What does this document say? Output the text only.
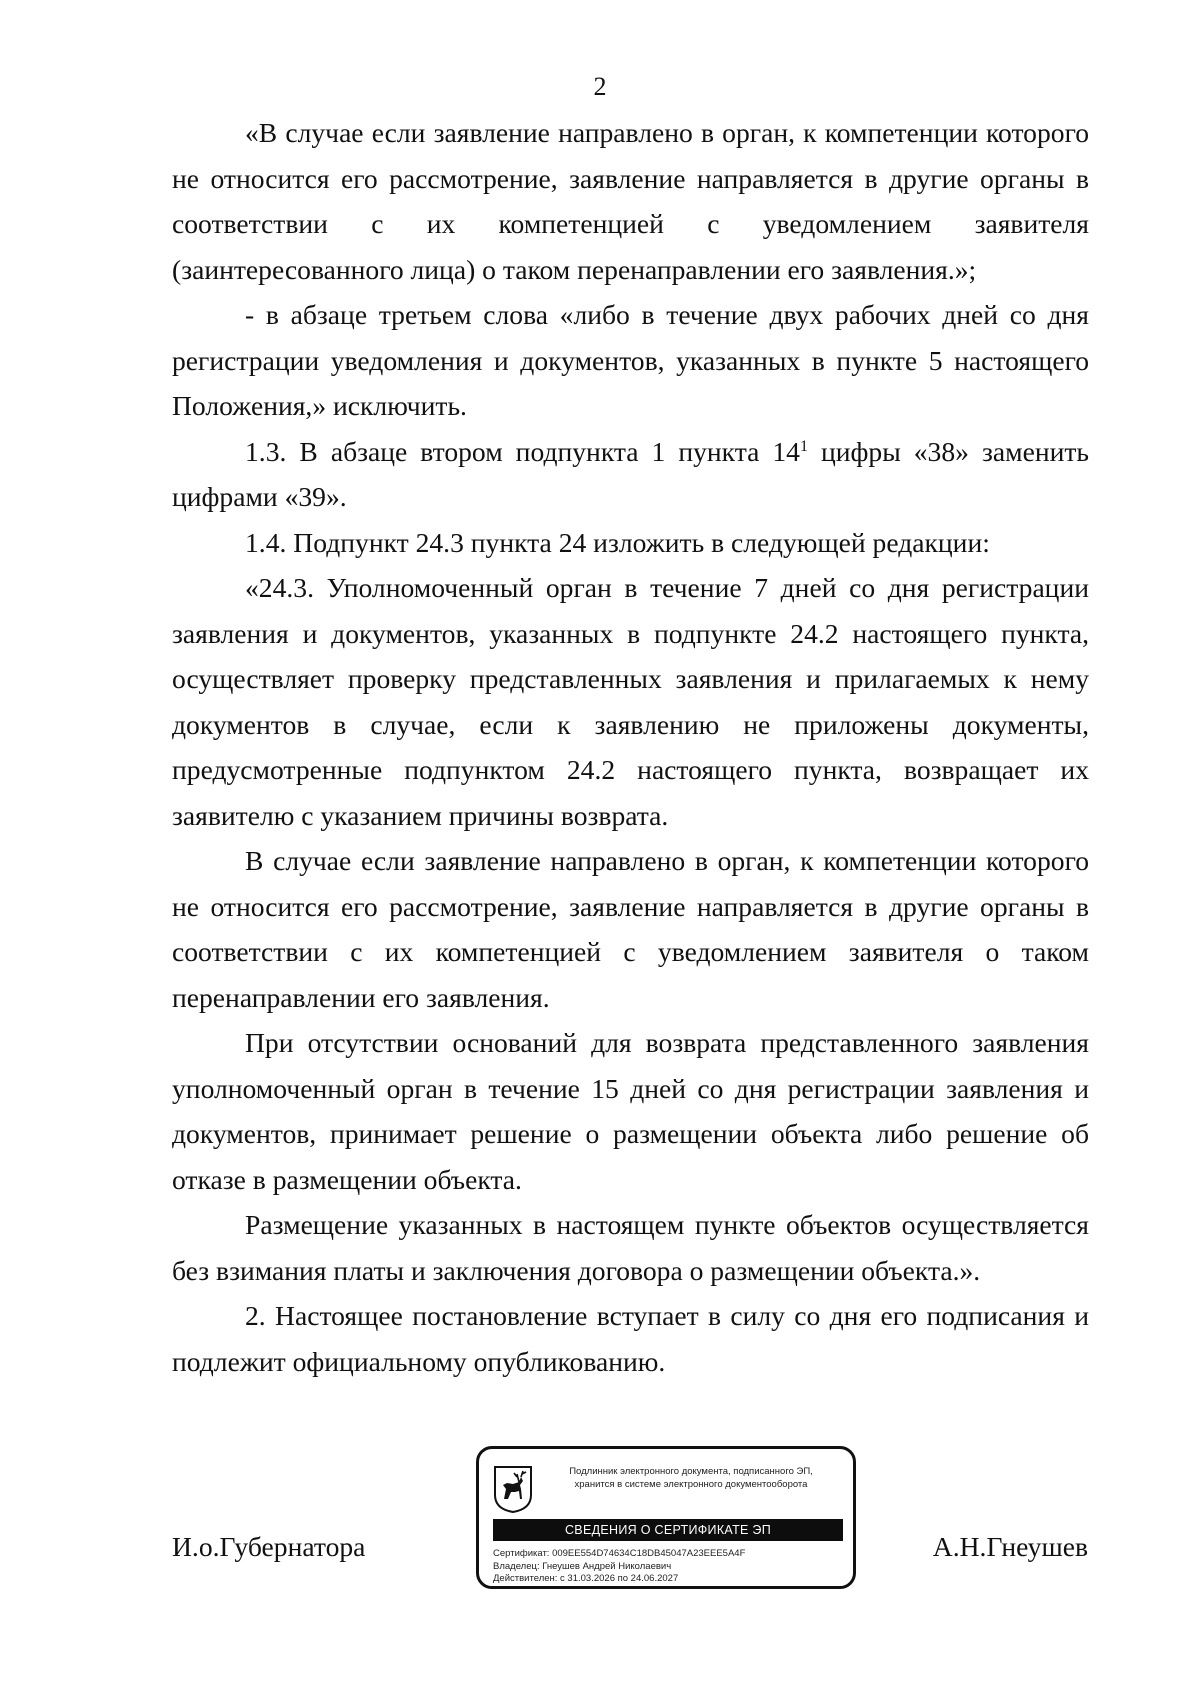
2

«В случае если заявление направлено в орган, к компетенции которого не относится его рассмотрение, заявление направляется в другие органы в соответствии с их компетенцией с уведомлением заявителя (заинтересованного лица) о таком перенаправлении его заявления.»;

- в абзаце третьем слова «либо в течение двух рабочих дней со дня регистрации уведомления и документов, указанных в пункте 5 настоящего Положения,» исключить.

1.3. В абзаце втором подпункта 1 пункта $14^1$ цифры «38» заменить цифрами «39».

1.4. Подпункт 24.3 пункта 24 изложить в следующей редакции:

«24.3. Уполномоченный орган в течение 7 дней со дня регистрации заявления и документов, указанных в подпункте 24.2 настоящего пункта, осуществляет проверку представленных заявления и прилагаемых к нему документов в случае, если к заявлению не приложены документы, предусмотренные подпунктом 24.2 настоящего пункта, возвращает их заявителю с указанием причины возврата.

В случае если заявление направлено в орган, к компетенции которого не относится его рассмотрение, заявление направляется в другие органы в соответствии с их компетенцией с уведомлением заявителя о таком перенаправлении его заявления.

При отсутствии оснований для возврата представленного заявления уполномоченный орган в течение 15 дней со дня регистрации заявления и документов, принимает решение о размещении объекта либо решение об отказе в размещении объекта.

Размещение указанных в настоящем пункте объектов осуществляется без взимания платы и заключения договора о размещении объекта.».

2. Настоящее постановление вступает в силу со дня его подписания и подлежит официальному опубликованию.

И.о.Губернатора	А.Н.Гнеушев
Подлинник электронного документа, подписанного ЭП,
хранится в системе электронного документооборота
СВЕДЕНИЯ О СЕРТИФИКАТЕ ЭП
Сертификат: 009EE554D74634C18DB45047A23EEE5A4F
Владелец: Гнеушев Андрей Николаевич
Действителен: с 31.03.2026 по 24.06.2027
